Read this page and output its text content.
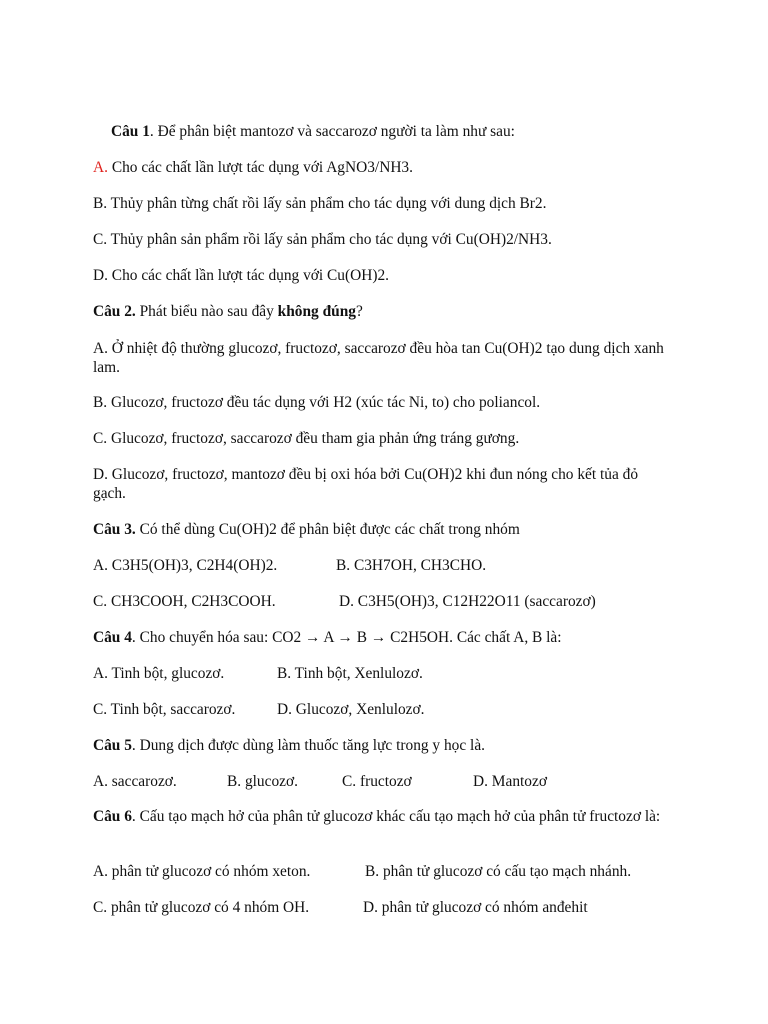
Câu 1. Để phân biệt mantozơ và saccarozơ người ta làm như sau:
A. Cho các chất lần lượt tác dụng với AgNO3/NH3.
B. Thủy phân từng chất rồi lấy sản phẩm cho tác dụng với dung dịch Br2.
C. Thủy phân sản phẩm rồi lấy sản phẩm cho tác dụng với Cu(OH)2/NH3.
D. Cho các chất lần lượt tác dụng với Cu(OH)2.
Câu 2. Phát biểu nào sau đây không đúng?
A. Ở nhiệt độ thường glucozơ, fructozơ, saccarozơ đều hòa tan Cu(OH)2 tạo dung dịch xanh lam.
B. Glucozơ, fructozơ đều tác dụng với H2 (xúc tác Ni, to) cho poliancol.
C. Glucozơ, fructozơ, saccarozơ đều tham gia phản ứng tráng gương.
D. Glucozơ, fructozơ, mantozơ đều bị oxi hóa bởi Cu(OH)2 khi đun nóng cho kết tủa đỏ gạch.
Câu 3. Có thể dùng Cu(OH)2 để phân biệt được các chất trong nhóm
A. C3H5(OH)3, C2H4(OH)2.	B. C3H7OH, CH3CHO.
C. CH3COOH, C2H3COOH.	D. C3H5(OH)3, C12H22O11 (saccarozơ)
Câu 4. Cho chuyển hóa sau: CO2 → A → B → C2H5OH. Các chất A, B là:
A. Tinh bột, glucozơ.	B. Tinh bột, Xenlulozơ.
C. Tinh bột, saccarozơ.	D. Glucozơ, Xenlulozơ.
Câu 5. Dung dịch được dùng làm thuốc tăng lực trong y học là.
A. saccarozơ.	B. glucozơ.	C. fructozơ	D. Mantozơ
Câu 6. Cấu tạo mạch hở của phân tử glucozơ khác cấu tạo mạch hở của phân tử fructozơ là:
A. phân tử glucozơ có nhóm xeton.	B. phân tử glucozơ có cấu tạo mạch nhánh.
C. phân tử glucozơ có 4 nhóm OH.	D. phân tử glucozơ có nhóm anđehit
